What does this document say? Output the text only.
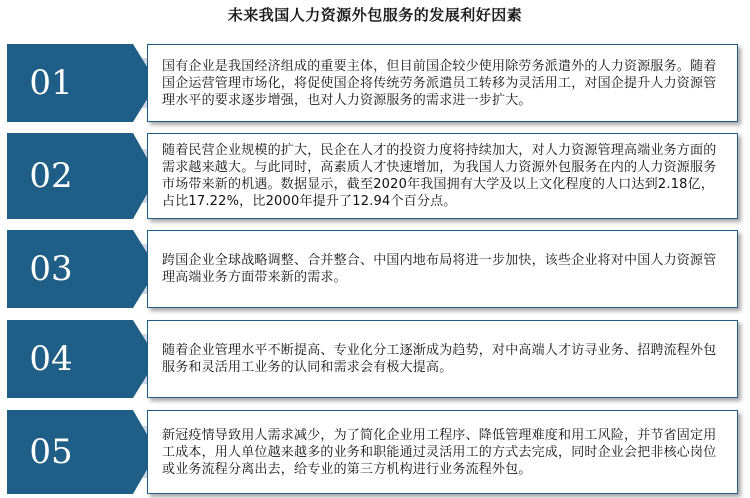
未来我国人力资源外包服务的发展利好因素
01	国有企业是我国经济组成的重要主体，但目前国企较少使用除劳务派遣外的人力资源服务。随着国企运营管理市场化，将促使国企将传统劳务派遣员工转移为灵活用工，对国企提升人力资源管理水平的要求逐步增强，也对人力资源服务的需求进一步扩大。
02
随着民营企业规模的扩大，民企在人才的投资力度将持续加大，对人力资源管理高端业务方面的需求越来越大。与此同时，高素质人才快速增加，为我国人力资源外包服务在内的人力资源服务市场带来新的机遇。数据显示，截至2020年我国拥有大学及以上文化程度的人口达到2.18亿，占比17.22%，比2000年提升了12.94个百分点。
03	跨国企业全球战略调整、合并整合、中国内地布局将进一步加快，该些企业将对中国人力资源管理高端业务方面带来新的需求。
04	随着企业管理水平不断提高、专业化分工逐渐成为趋势，对中高端人才访寻业务、招聘流程外包服务和灵活用工业务的认同和需求会有极大提高。
05	新冠疫情导致用人需求减少，为了简化企业用工程序、降低管理难度和用工风险，并节省固定用工成本，用人单位越来越多的业务和职能通过灵活用工的方式去完成，同时企业会把非核心岗位或业务流程分离出去，给专业的第三方机构进行业务流程外包。
